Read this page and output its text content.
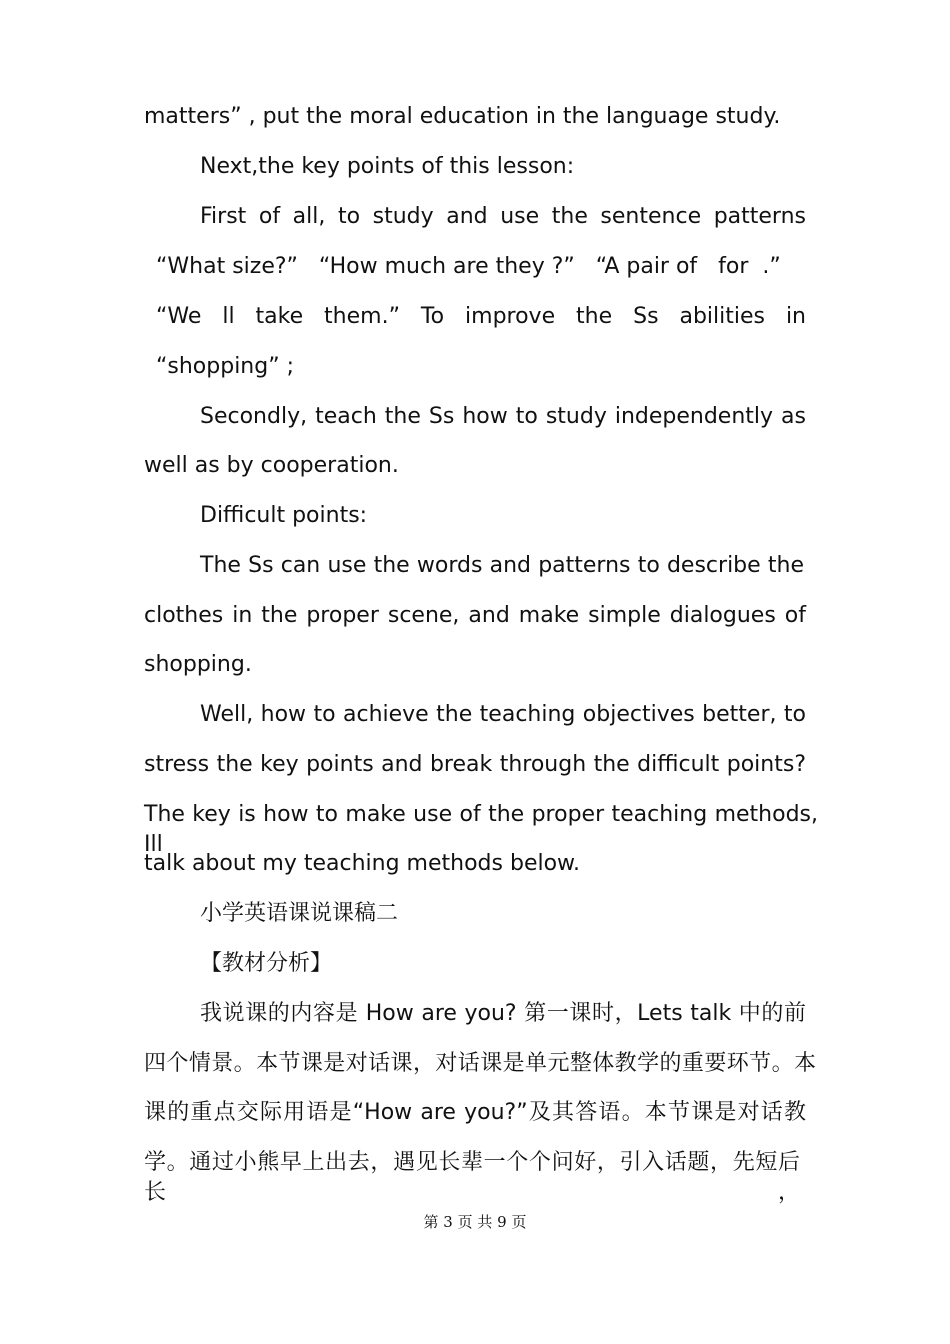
matters” , put the moral education in the language study.

Next,the key points of this lesson:

First of all, to study and use the sentence patterns

“What size?”   “How much are they ?”   “A pair of   for  .”

“We ll take them.” To improve the Ss abilities in

“shopping” ;

Secondly, teach the Ss how to study independently as

well as by cooperation.

Difficult points:

The Ss can use the words and patterns to describe the

clothes in the proper scene, and make simple dialogues of

shopping.

Well, how to achieve the teaching objectives better, to

stress the key points and break through the difficult points?

The key is how to make use of the proper teaching methods, Ill

talk about my teaching methods below.

小学英语课说课稿二

【教材分析】

我说课的内容是 How are you? 第一课时，Lets talk 中的前

四个情景。本节课是对话课，对话课是单元整体教学的重要环节。本

课的重点交际用语是“How are you?”及其答语。本节课是对话教

学。通过小熊早上出去，遇见长辈一个个问好，引入话题，先短后长，

第 3 页 共 9 页
